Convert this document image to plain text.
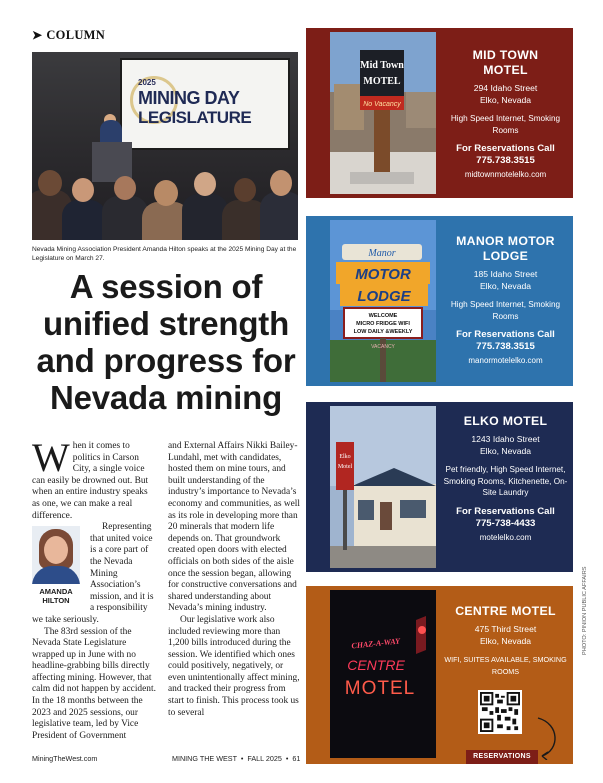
➤ COLUMN
2025
MINING DAY
LEGISLATURE
Nevada Mining Association President Amanda Hilton speaks at the 2025 Mining Day at the Legislature on March 27.
A session of unified strength and progress for Nevada mining

When it comes to politics in Carson City, a single voice can easily be drowned out. But when an entire industry speaks as one, we can make a real difference.

AMANDA
HILTON

Representing that united voice is a core part of the Nevada Mining Association’s mission, and it is a responsibility we take seriously.

The 83rd session of the Nevada State Legislature wrapped up in June with no headline-grabbing bills directly affecting mining. However, that calm did not happen by accident. In the 18 months between the 2023 and 2025 sessions, our legislative team, led by Vice President of Government

and External Affairs Nikki Bailey-Lundahl, met with candidates, hosted them on mine tours, and built understanding of the industry’s importance to Nevada’s economy and communities, as well as its role in developing more than 20 minerals that modern life depends on. That groundwork created open doors with elected officials on both sides of the aisle once the session began, allowing for constructive conversations and shared understanding about Nevada’s mining industry.

Our legislative work also included reviewing more than 1,200 bills introduced during the session. We identified which ones could positively, negatively, or even unintentionally affect mining, and tracked their progress from start to finish. This process took us to several

MiningTheWest.com	MINING THE WEST • FALL 2025 • 61
Mid Town
MOTEL
No Vacancy
MID TOWN
MOTEL
294 Idaho Street
Elko, Nevada
High Speed Internet, Smoking Rooms
For Reservations Call
775.738.3515
midtownmotelelko.com
Manor
MOTOR
LODGE
WELCOME
MICRO FRIDGE WIFI
LOW DAILY &WEEKLY
VACANCY
MANOR MOTOR
LODGE
185 Idaho Street
Elko, Nevada
High Speed Internet, Smoking Rooms
For Reservations Call
775.738.3515
manormotelelko.com
Elko
Motel
ELKO MOTEL
1243 Idaho Street
Elko, Nevada
Pet friendly, High Speed Internet, Smoking Rooms, Kitchenette, On-Site Laundry
For Reservations Call
775-738-4433
motelelko.com
CHAZ-A-WAY
CENTRE
MOTEL
CENTRE MOTEL
475 Third Street
Elko, Nevada
WIFI, SUITES AVAILABLE, SMOKING ROOMS
RESERVATIONS
PHOTO: PINION PUBLIC AFFAIRS
